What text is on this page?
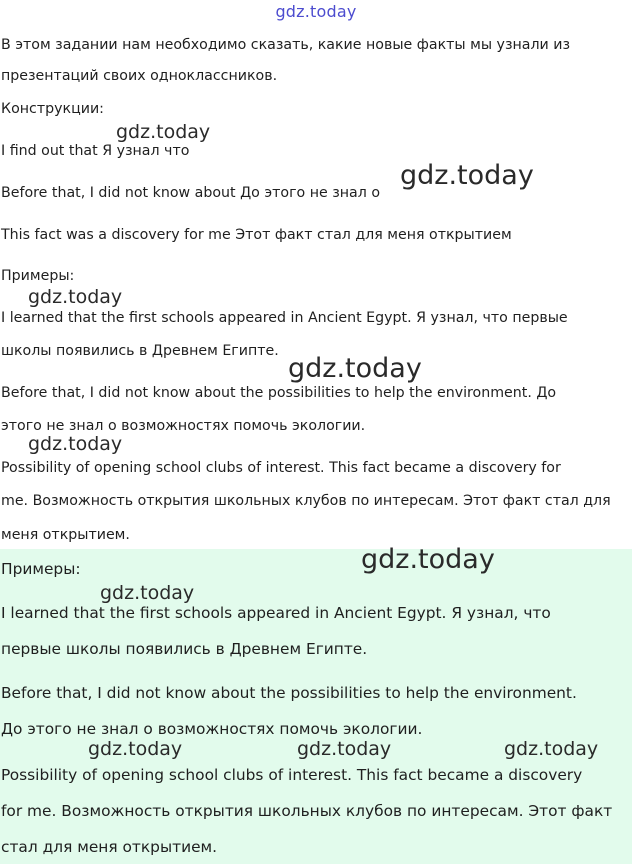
gdz.today
В этом задании нам необходимо сказать, какие новые факты мы узнали из
презентаций своих одноклассников.
Конструкции:
I find out that Я узнал что
Before that, I did not know about До этого не знал о
This fact was a discovery for me Этот факт стал для меня открытием
Примеры:
I learned that the first schools appeared in Ancient Egypt. Я узнал, что первые
школы появились в Древнем Египте.
Before that, I did not know about the possibilities to help the environment. До
этого не знал о возможностях помочь экологии.
Possibility of opening school clubs of interest. This fact became a discovery for
me. Возможность открытия школьных клубов по интересам. Этот факт стал для
меня открытием.
Примеры:
I learned that the first schools appeared in Ancient Egypt. Я узнал, что
первые школы появились в Древнем Египте.
Before that, I did not know about the possibilities to help the environment.
До этого не знал о возможностях помочь экологии.
Possibility of opening school clubs of interest. This fact became a discovery
for me. Возможность открытия школьных клубов по интересам. Этот факт
стал для меня открытием.
gdz.today
gdz.today
gdz.today
gdz.today
gdz.today
gdz.today
gdz.today
gdz.today	gdz.today	gdz.today
